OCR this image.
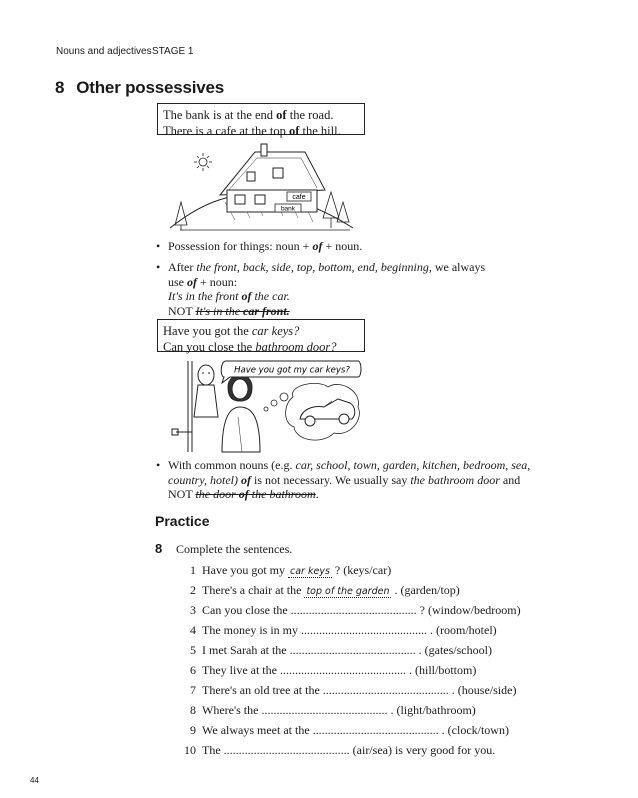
Nouns and adjectives STAGE 1
8 Other possessives
The bank is at the end of the road.
There is a cafe at the top of the hill.
cafe
bank
• Possession for things: noun + of + noun.
• After the front, back, side, top, bottom, end, beginning, we always
use of + noun:
It's in the front of the car.
NOT It's in the car front.
Have you got the car keys?
Can you close the bathroom door?
Have you got my car keys?
• With common nouns (e.g. car, school, town, garden, kitchen, bedroom, sea,
country, hotel) of is not necessary. We usually say the bathroom door and
NOT the door of the bathroom.
Practice
8 Complete the sentences.
1 Have you got my car keys ? (keys/car)
2 There's a chair at the top of the garden . (garden/top)
3 Can you close the .......................................... ? (window/bedroom)
4 The money is in my .......................................... . (room/hotel)
5 I met Sarah at the .......................................... . (gates/school)
6 They live at the .......................................... . (hill/bottom)
7 There's an old tree at the .......................................... . (house/side)
8 Where's the .......................................... . (light/bathroom)
9 We always meet at the .......................................... . (clock/town)
10 The .......................................... (air/sea) is very good for you.
44
